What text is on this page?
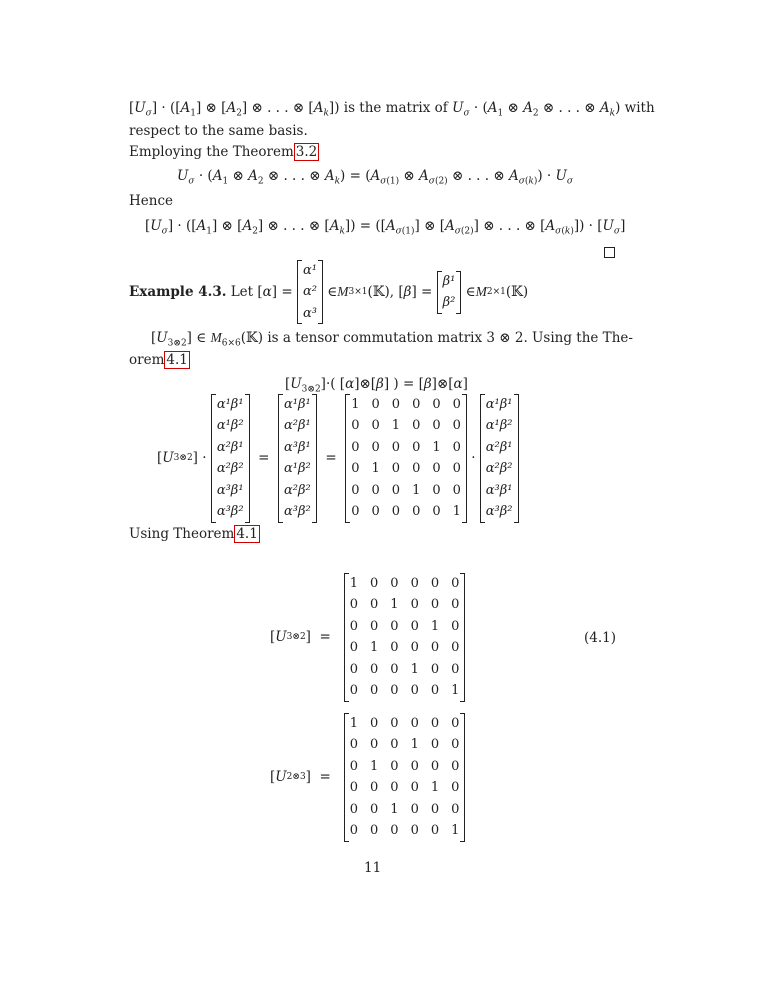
$[U_\sigma] \cdot ([A_1]$ ⊗ $[A_2]$ ⊗ . . . ⊗ $[A_k]$) is the matrix of $U_\sigma \cdot (A_1$ ⊗ $A_2$ ⊗ . . . ⊗ $A_k$) with
respect to the same basis.
Employing the Theorem 3.2
$U_\sigma \cdot (A_1$ ⊗ $A_2$ ⊗ . . . ⊗ $A_k) = (A_{\sigma(1)}$ ⊗ $A_{\sigma(2)}$ ⊗ . . . ⊗ $A_{\sigma(k)}) \cdot U_\sigma$
Hence
$[U_\sigma] \cdot ([A_1]$ ⊗ $[A_2]$ ⊗ . . . ⊗ $[A_k]) = ([A_{\sigma(1)}]$ ⊗ $[A_{\sigma(2)}]$ ⊗ . . . ⊗ $[A_{\sigma(k)}]) \cdot [U_\sigma]$
Example 4.3.
Let [ α ] =
α¹
α²
α³
∈ M 3×1 (𝕂), [ β ] =
β¹
β²
∈ M 2×1 (𝕂)
$[U_{3\otimes 2}]$ ∈ $M_{6\times 6}(𝕂)$ is a tensor commutation matrix 3 ⊗ 2. Using the The-
orem 4.1
$[U_{3\otimes 2}]\cdot$( [α]⊗[β] ) = [β]⊗[α]
[ U 3⊗2 ] ·
α¹β¹
α¹β²
α²β¹
α²β²
α³β¹
α³β²
=
α¹β¹
α²β¹
α³β¹
α¹β²
α²β²
α³β²
=
1	0	0	0	0	0
0	0	1	0	0	0
0	0	0	0	1	0
0	1	0	0	0	0
0	0	0	1	0	0
0	0	0	0	0	1
·
α¹β¹
α¹β²
α²β¹
α²β²
α³β¹
α³β²
Using Theorem 4.1
[ U 3⊗2 ]  =
1	0	0	0	0	0
0	0	1	0	0	0
0	0	0	0	1	0
0	1	0	0	0	0
0	0	0	1	0	0
0	0	0	0	0	1
(4.1)
[ U 2⊗3 ]  =
1	0	0	0	0	0
0	0	0	1	0	0
0	1	0	0	0	0
0	0	0	0	1	0
0	0	1	0	0	0
0	0	0	0	0	1
11
